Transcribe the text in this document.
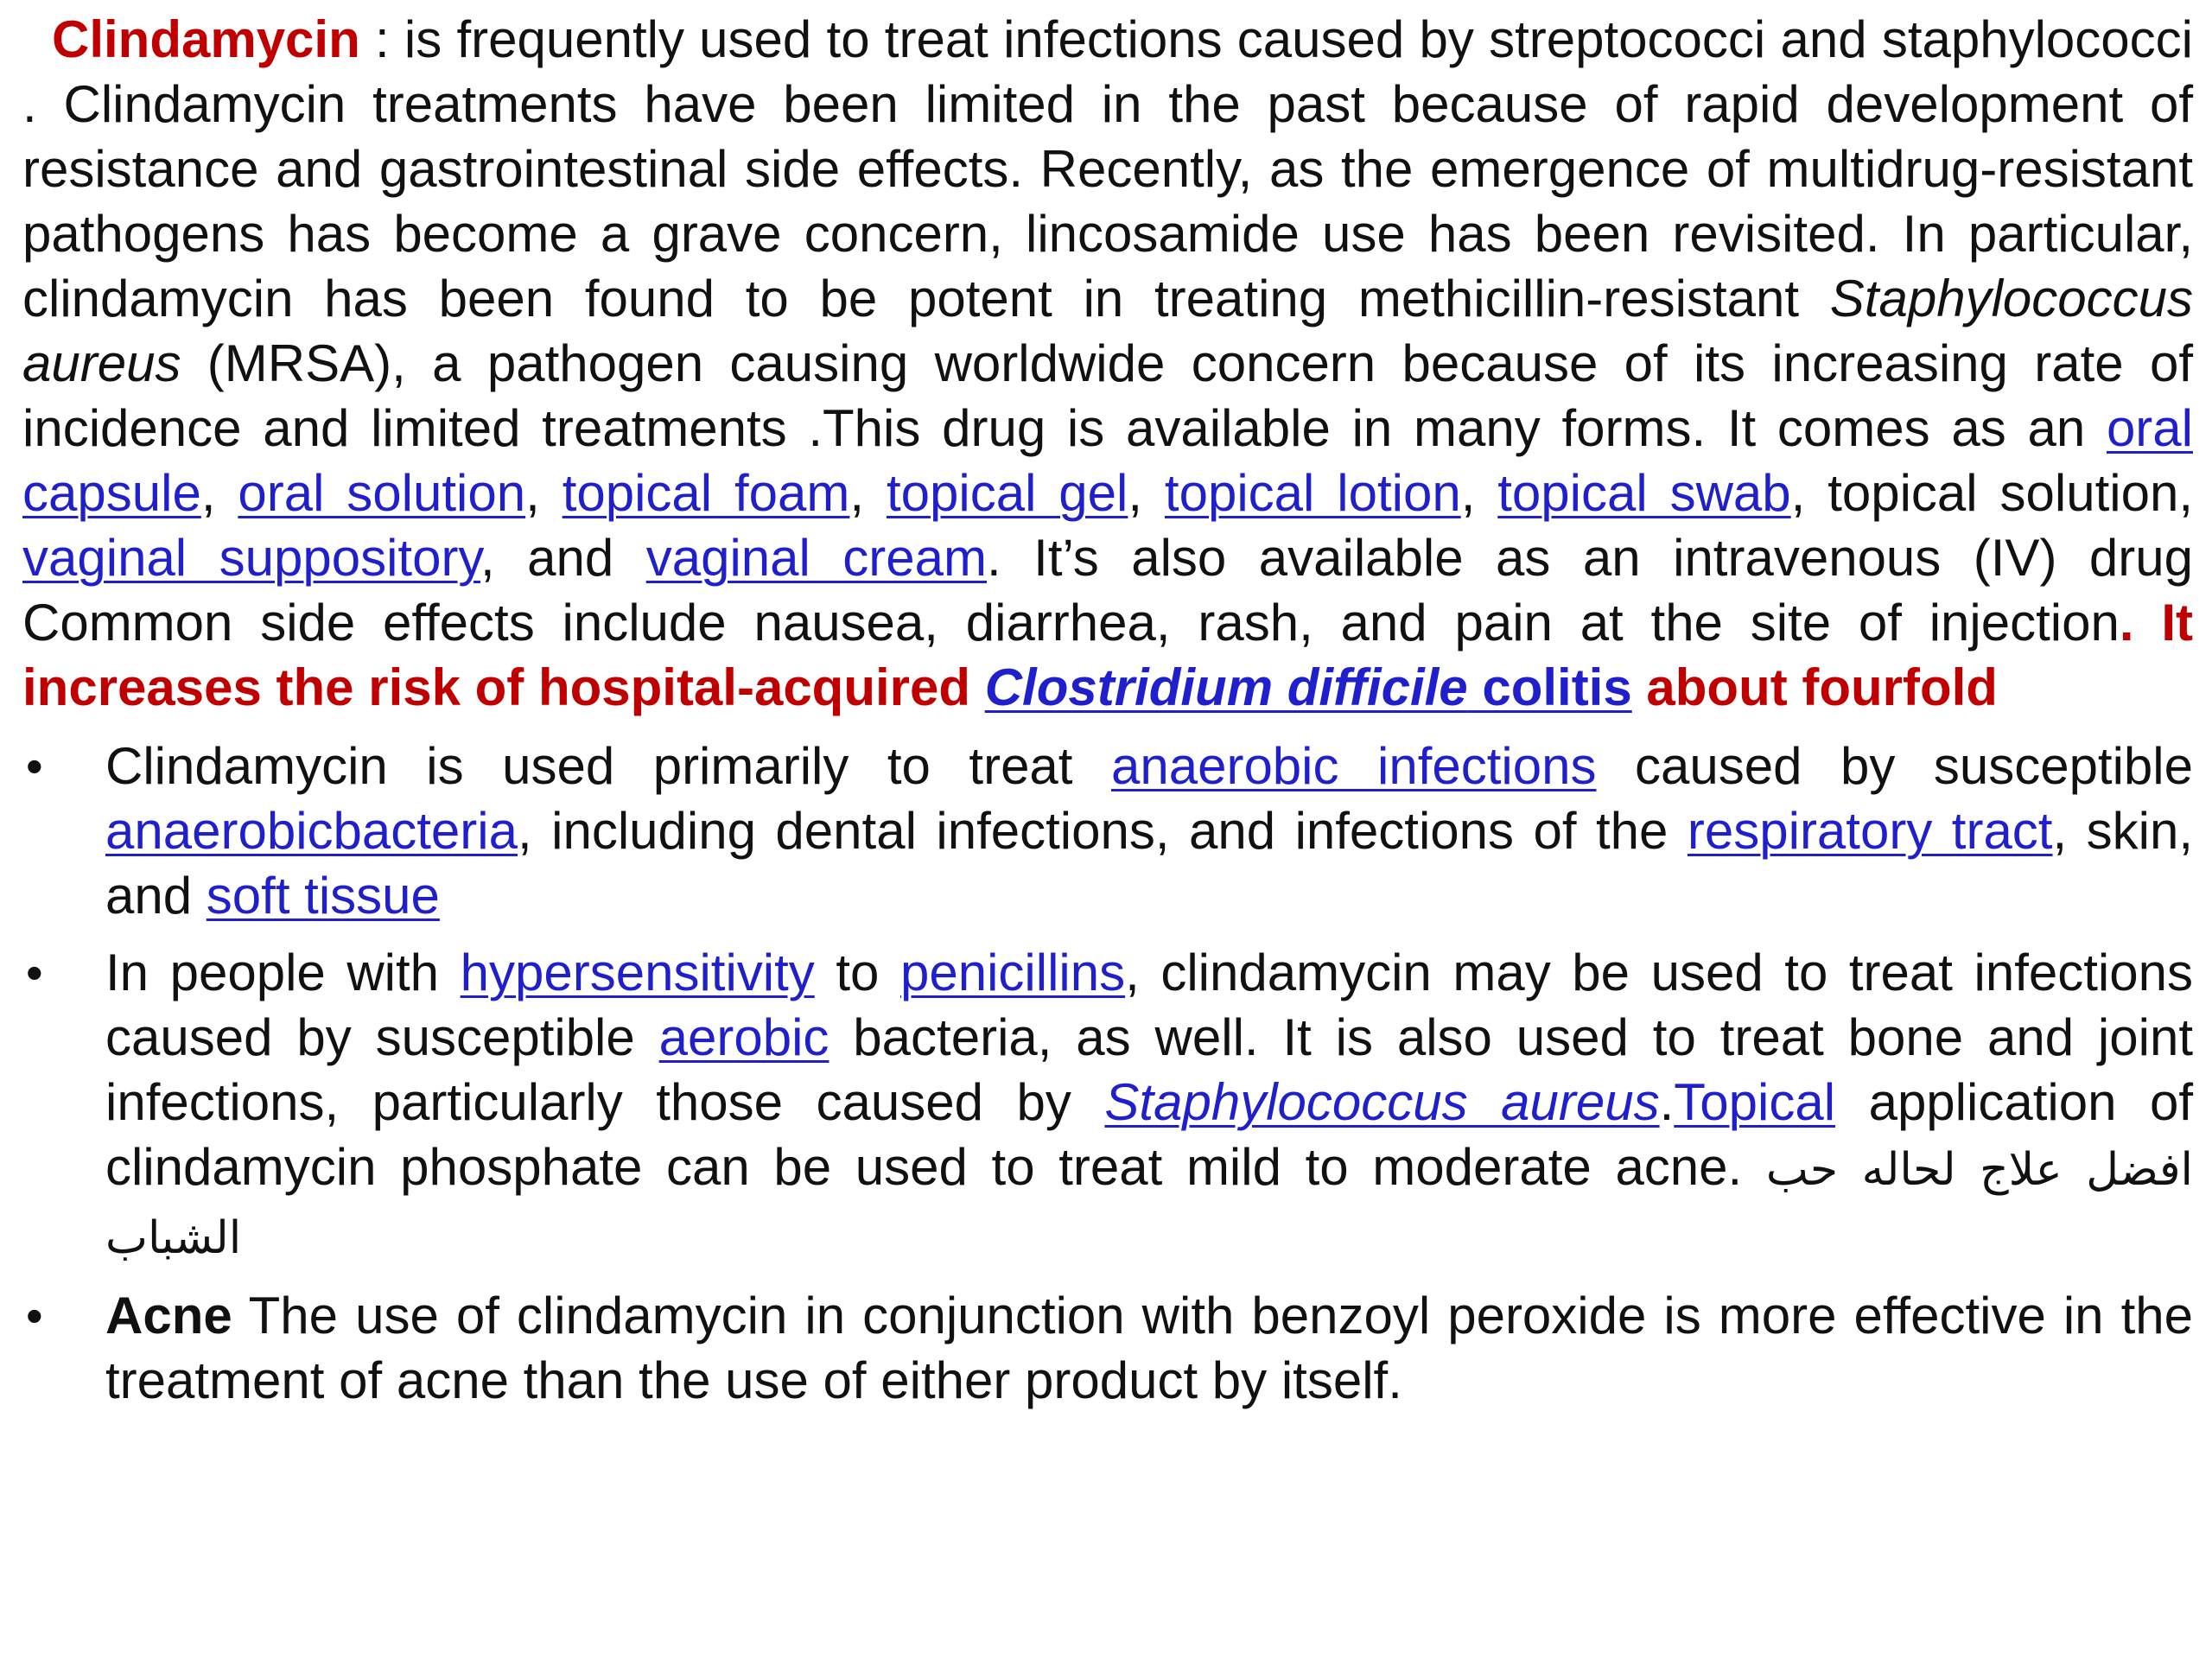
Clindamycin : is frequently used to treat infections caused by streptococci and staphylococci . Clindamycin treatments have been limited in the past because of rapid development of resistance and gastrointestinal side effects. Recently, as the emergence of multidrug-resistant pathogens has become a grave concern, lincosamide use has been revisited. In particular, clindamycin has been found to be potent in treating methicillin-resistant Staphylococcus aureus (MRSA), a pathogen causing worldwide concern because of its increasing rate of incidence and limited treatments .This drug is available in many forms. It comes as an oral capsule, oral solution, topical foam, topical gel, topical lotion, topical swab, topical solution, vaginal suppository, and vaginal cream. It’s also available as an intravenous (IV) drug Common side effects include nausea, diarrhea, rash, and pain at the site of injection. It increases the risk of hospital-acquired Clostridium difficile colitis about fourfold

• Clindamycin is used primarily to treat anaerobic infections caused by susceptible anaerobicbacteria, including dental infections, and infections of the respiratory tract, skin, and soft tissue
• In people with hypersensitivity to penicillins, clindamycin may be used to treat infections caused by susceptible aerobic bacteria, as well. It is also used to treat bone and joint infections, particularly those caused by Staphylococcus aureus.Topical application of clindamycin phosphate can be used to treat mild to moderate acne. افضل علاج لحاله حب الشباب
• Acne The use of clindamycin in conjunction with benzoyl peroxide is more effective in the treatment of acne than the use of either product by itself.
